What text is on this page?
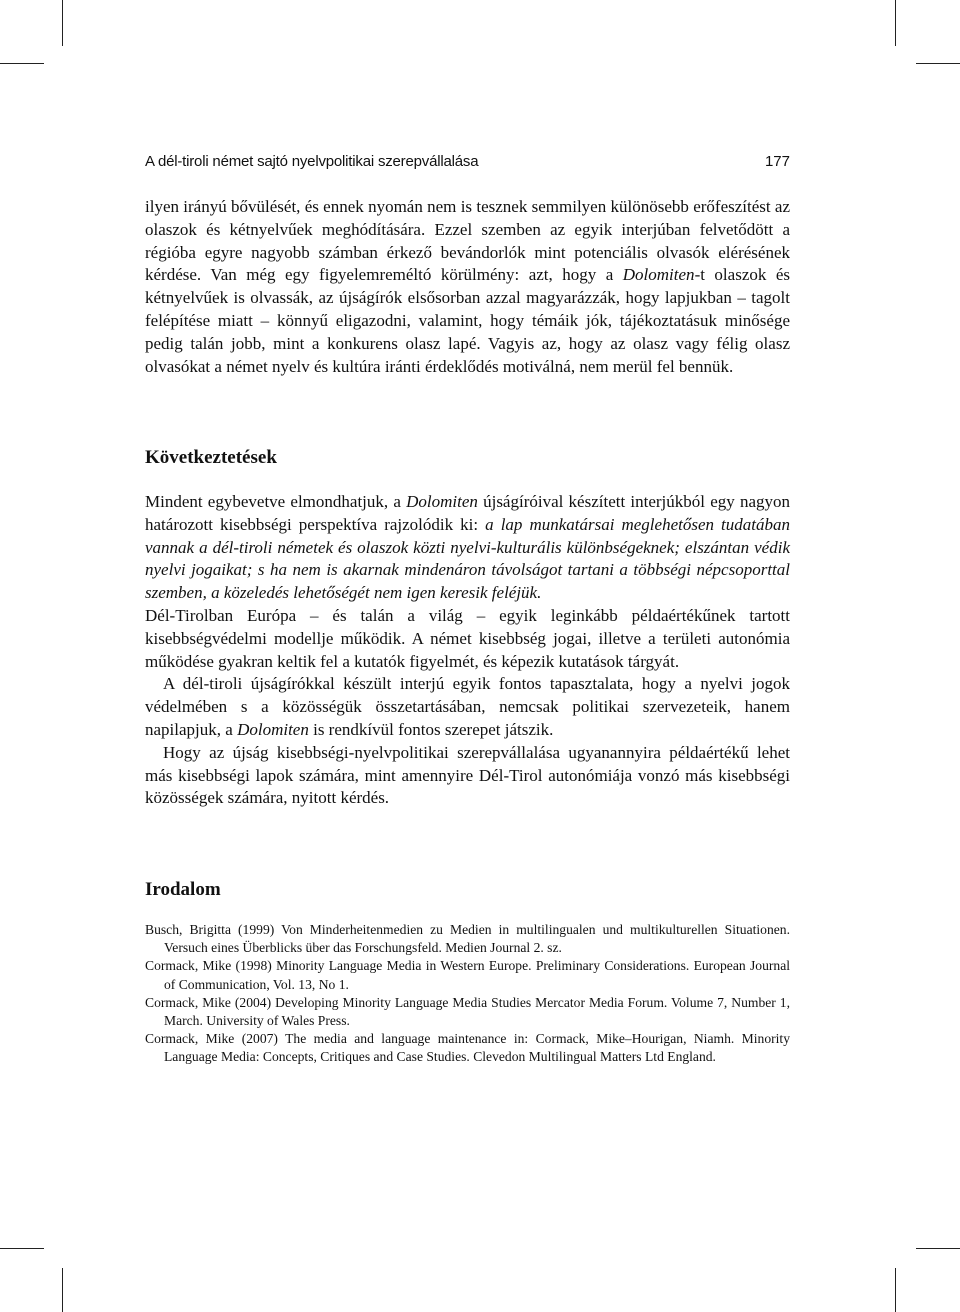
A dél-tiroli német sajtó nyelvpolitikai szerepvállalása	177

ilyen irányú bővülését, és ennek nyomán nem is tesznek semmilyen különösebb erőfeszítést az olaszok és kétnyelvűek meghódítására. Ezzel szemben az egyik interjúban felvetődött a régióba egyre nagyobb számban érkező bevándorlók mint potenciális olvasók elérésének kérdése. Van még egy figyelemreméltó körülmény: azt, hogy a Dolomiten-t olaszok és kétnyelvűek is olvassák, az újságírók elsősorban azzal magyarázzák, hogy lapjukban – tagolt felépítése miatt – könnyű eligazodni, valamint, hogy témáik jók, tájékoztatásuk minősége pedig talán jobb, mint a konkurens olasz lapé. Vagyis az, hogy az olasz vagy félig olasz olvasókat a német nyelv és kultúra iránti érdeklődés motiválná, nem merül fel bennük.

Következtetések

Mindent egybevetve elmondhatjuk, a Dolomiten újságíróival készített interjúkból egy nagyon határozott kisebbségi perspektíva rajzolódik ki: a lap munkatársai meglehetősen tudatában vannak a dél-tiroli németek és olaszok közti nyelvi-kulturális különbségeknek; elszántan védik nyelvi jogaikat; s ha nem is akarnak mindenáron távolságot tartani a többségi népcsoporttal szemben, a közeledés lehetőségét nem igen keresik feléjük.

Dél-Tirolban Európa – és talán a világ – egyik leginkább példaértékűnek tartott kisebbségvédelmi modellje működik. A német kisebbség jogai, illetve a területi autonómia működése gyakran keltik fel a kutatók figyelmét, és képezik kutatások tárgyát.

A dél-tiroli újságírókkal készült interjú egyik fontos tapasztalata, hogy a nyelvi jogok védelmében s a közösségük összetartásában, nemcsak politikai szervezeteik, hanem napilapjuk, a Dolomiten is rendkívül fontos szerepet játszik.

Hogy az újság kisebbségi-nyelvpolitikai szerepvállalása ugyanannyira példaértékű lehet más kisebbségi lapok számára, mint amennyire Dél-Tirol autonómiája vonzó más kisebbségi közösségek számára, nyitott kérdés.

Irodalom
Busch, Brigitta (1999) Von Minderheitenmedien zu Medien in multilingualen und multikulturellen Situationen. Versuch eines Überblicks über das Forschungsfeld. Medien Journal 2. sz.
Cormack, Mike (1998) Minority Language Media in Western Europe. Preliminary Considerations. European Journal of Communication, Vol. 13, No 1.
Cormack, Mike (2004) Developing Minority Language Media Studies Mercator Media Forum. Volume 7, Number 1, March. University of Wales Press.
Cormack, Mike (2007) The media and language maintenance in: Cormack, Mike–Hourigan, Niamh. Minority Language Media: Concepts, Critiques and Case Studies. Clevedon Multilingual Matters Ltd England.
